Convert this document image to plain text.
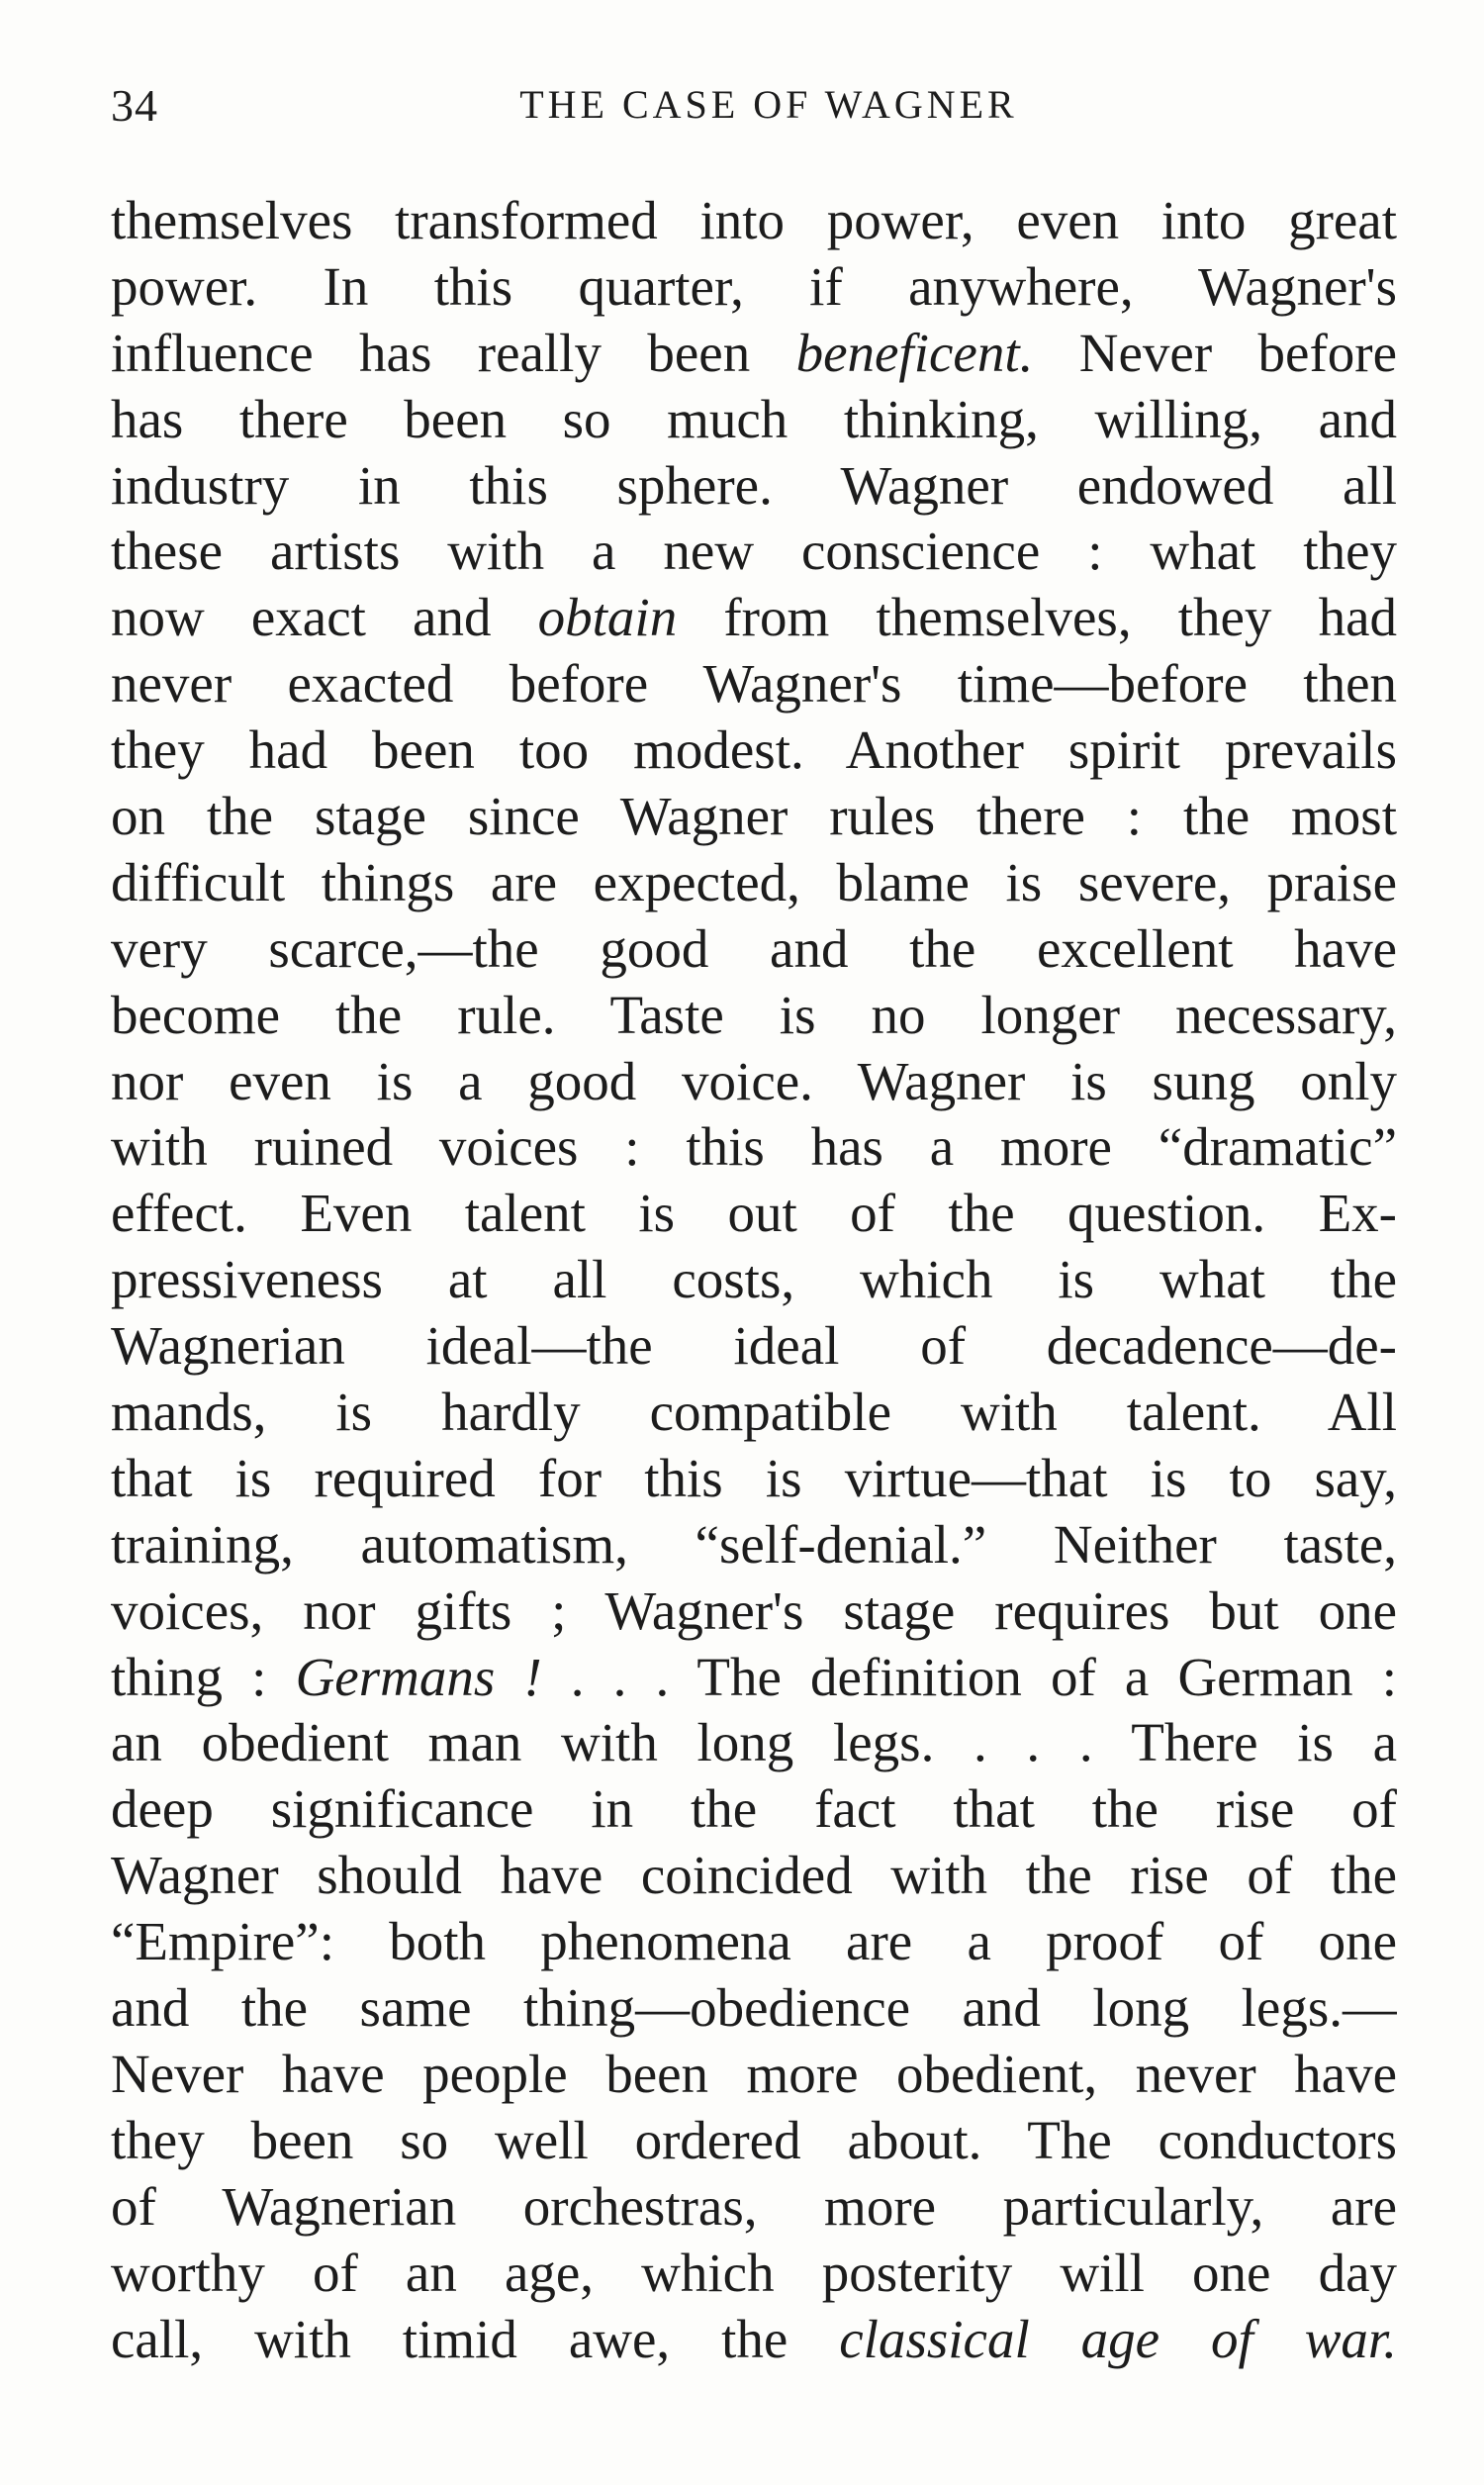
34	THE CASE OF WAGNER
themselves transformed into power, even into great
power. In this quarter, if anywhere, Wagner's
influence has really been beneficent. Never before
has there been so much thinking, willing, and
industry in this sphere. Wagner endowed all
these artists with a new conscience : what they
now exact and obtain from themselves, they had
never exacted before Wagner's time—before then
they had been too modest. Another spirit prevails
on the stage since Wagner rules there : the most
difficult things are expected, blame is severe, praise
very scarce,—the good and the excellent have
become the rule. Taste is no longer necessary,
nor even is a good voice. Wagner is sung only
with ruined voices : this has a more “dramatic”
effect. Even talent is out of the question. Ex-
pressiveness at all costs, which is what the
Wagnerian ideal—the ideal of decadence—de-
mands, is hardly compatible with talent. All
that is required for this is virtue—that is to say,
training, automatism, “self-denial.” Neither taste,
voices, nor gifts ; Wagner's stage requires but one
thing : Germans ! . . . The definition of a German :
an obedient man with long legs. . . . There is a
deep significance in the fact that the rise of
Wagner should have coincided with the rise of the
“Empire”: both phenomena are a proof of one
and the same thing—obedience and long legs.—
Never have people been more obedient, never have
they been so well ordered about. The conductors
of Wagnerian orchestras, more particularly, are
worthy of an age, which posterity will one day
call, with timid awe, the classical age of war.
